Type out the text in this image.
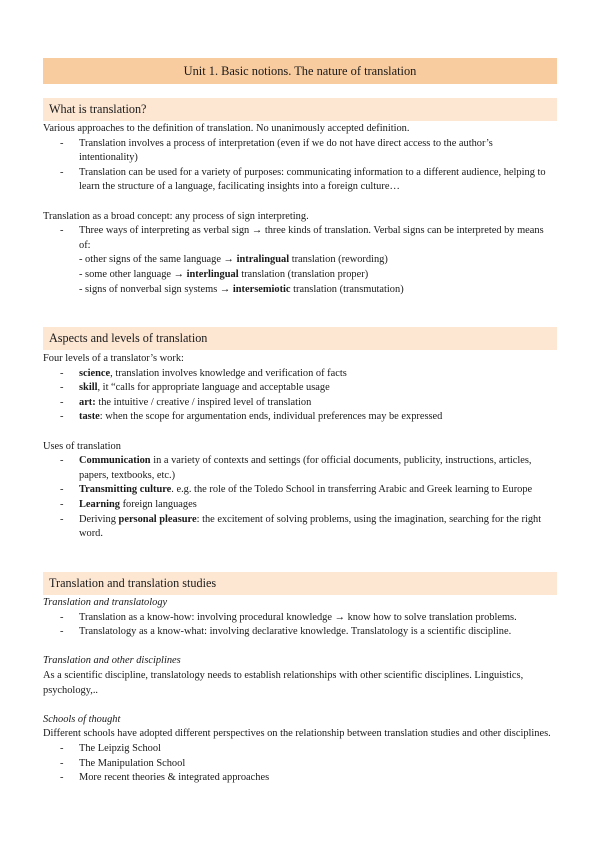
Unit 1. Basic notions. The nature of translation
What is translation?
Various approaches to the definition of translation. No unanimously accepted definition.
- Translation involves a process of interpretation (even if we do not have direct access to the author’s intentionality)
- Translation can be used for a variety of purposes: communicating information to a different audience, helping to learn the structure of a language, facilicating insights into a foreign culture…
Translation as a broad concept: any process of sign interpreting.
- Three ways of interpreting as verbal sign → three kinds of translation. Verbal signs can be interpreted by means of:
- other signs of the same language → intralingual translation (rewording)
- some other language → interlingual translation (translation proper)
- signs of nonverbal sign systems → intersemiotic translation (transmutation)
Aspects and levels of translation
Four levels of a translator’s work:
- science, translation involves knowledge and verification of facts
- skill, it “calls for appropriate language and acceptable usage
- art: the intuitive / creative / inspired level of translation
- taste: when the scope for argumentation ends, individual preferences may be expressed
Uses of translation
- Communication in a variety of contexts and settings (for official documents, publicity, instructions, articles, papers, textbooks, etc.)
- Transmitting culture. e.g. the role of the Toledo School in transferring Arabic and Greek learning to Europe
- Learning foreign languages
- Deriving personal pleasure: the excitement of solving problems, using the imagination, searching for the right word.
Translation and translation studies
Translation and translatology
- Translation as a know-how: involving procedural knowledge → know how to solve translation problems.
- Translatology as a know-what: involving declarative knowledge. Translatology is a scientific discipline.
Translation and other disciplines
As a scientific discipline, translatology needs to establish relationships with other scientific disciplines. Linguistics, psychology,..
Schools of thought
Different schools have adopted different perspectives on the relationship between translation studies and other disciplines.
- The Leipzig School
- The Manipulation School
- More recent theories & integrated approaches
